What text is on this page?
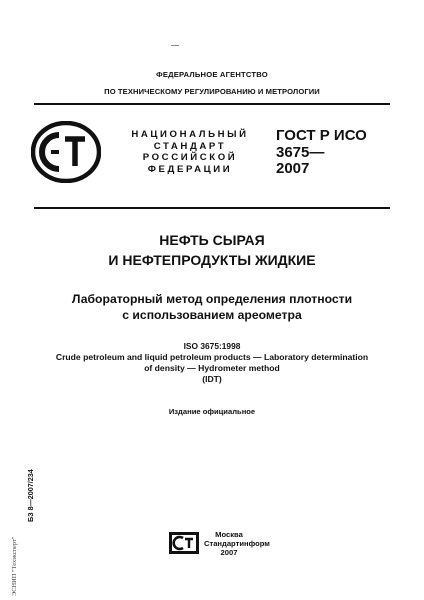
ФЕДЕРАЛЬНОЕ АГЕНТСТВО
ПО ТЕХНИЧЕСКОМУ РЕГУЛИРОВАНИЮ И МЕТРОЛОГИИ
НАЦИОНАЛЬНЫЙ
СТАНДАРТ
РОССИЙСКОЙ
ФЕДЕРАЦИИ
ГОСТ Р ИСО
3675—
2007
НЕФТЬ СЫРАЯ
И НЕФТЕПРОДУКТЫ ЖИДКИЕ
Лабораторный метод определения плотности
с использованием ареометра
ISO 3675:1998
Crude petroleum and liquid petroleum products — Laboratory determination
of density — Hydrometer method
(IDT)
Издание официальное
БЗ 8—2007/234
ЭСНИП "Техэксперт"
Москва
Стандартинформ
2007
